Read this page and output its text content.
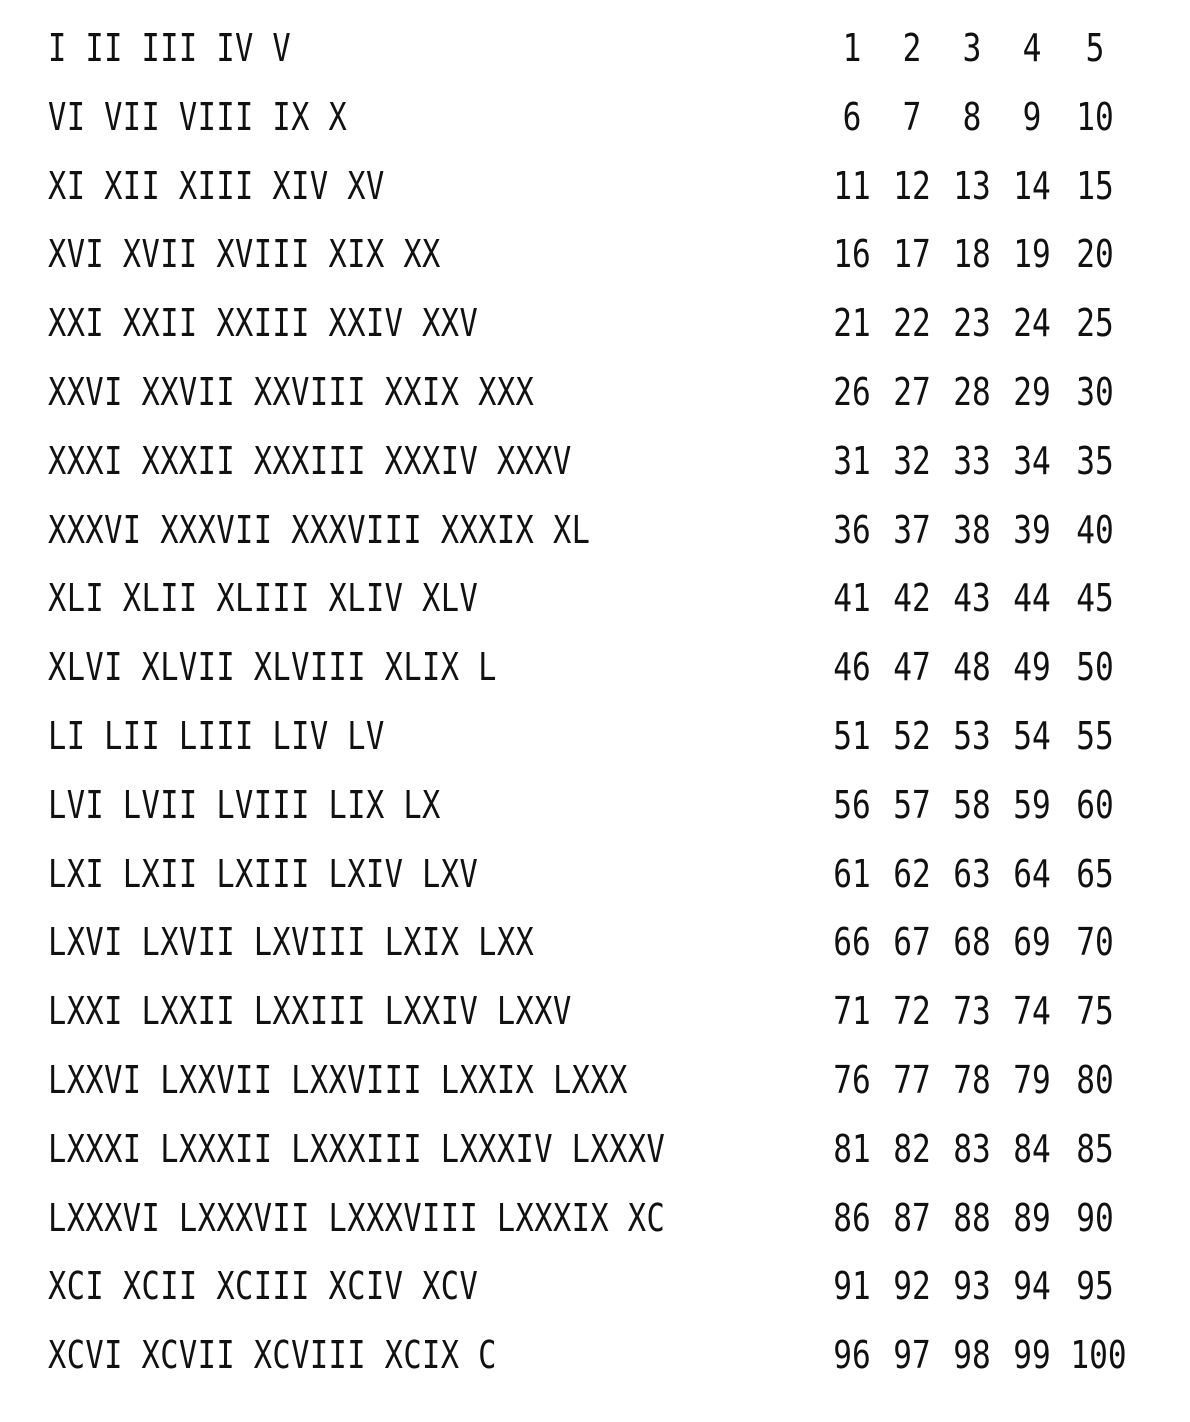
I II III IV V	1	2	3	4	5
VI VII VIII IX X	6	7	8	9 10
XI XII XIII XIV XV	11 12 13 14 15
XVI XVII XVIII XIX XX	16 17 18 19 20
XXI XXII XXIII XXIV XXV	21 22 23 24 25
XXVI XXVII XXVIII XXIX XXX	26 27 28 29 30
XXXI XXXII XXXIII XXXIV XXXV	31 32 33 34 35
XXXVI XXXVII XXXVIII XXXIX XL	36 37 38 39 40
XLI XLII XLIII XLIV XLV	41 42 43 44 45
XLVI XLVII XLVIII XLIX L	46 47 48 49 50
LI LII LIII LIV LV	51 52 53 54 55
LVI LVII LVIII LIX LX	56 57 58 59 60
LXI LXII LXIII LXIV LXV	61 62 63 64 65
LXVI LXVII LXVIII LXIX LXX	66 67 68 69 70
LXXI LXXII LXXIII LXXIV LXXV	71 72 73 74 75
LXXVI LXXVII LXXVIII LXXIX LXXX	76 77 78 79 80
LXXXI LXXXII LXXXIII LXXXIV LXXXV	81 82 83 84 85
LXXXVI LXXXVII LXXXVIII LXXXIX XC	86 87 88 89 90
XCI XCII XCIII XCIV XCV	91 92 93 94 95
XCVI XCVII XCVIII XCIX C	96 97 98 99 100
